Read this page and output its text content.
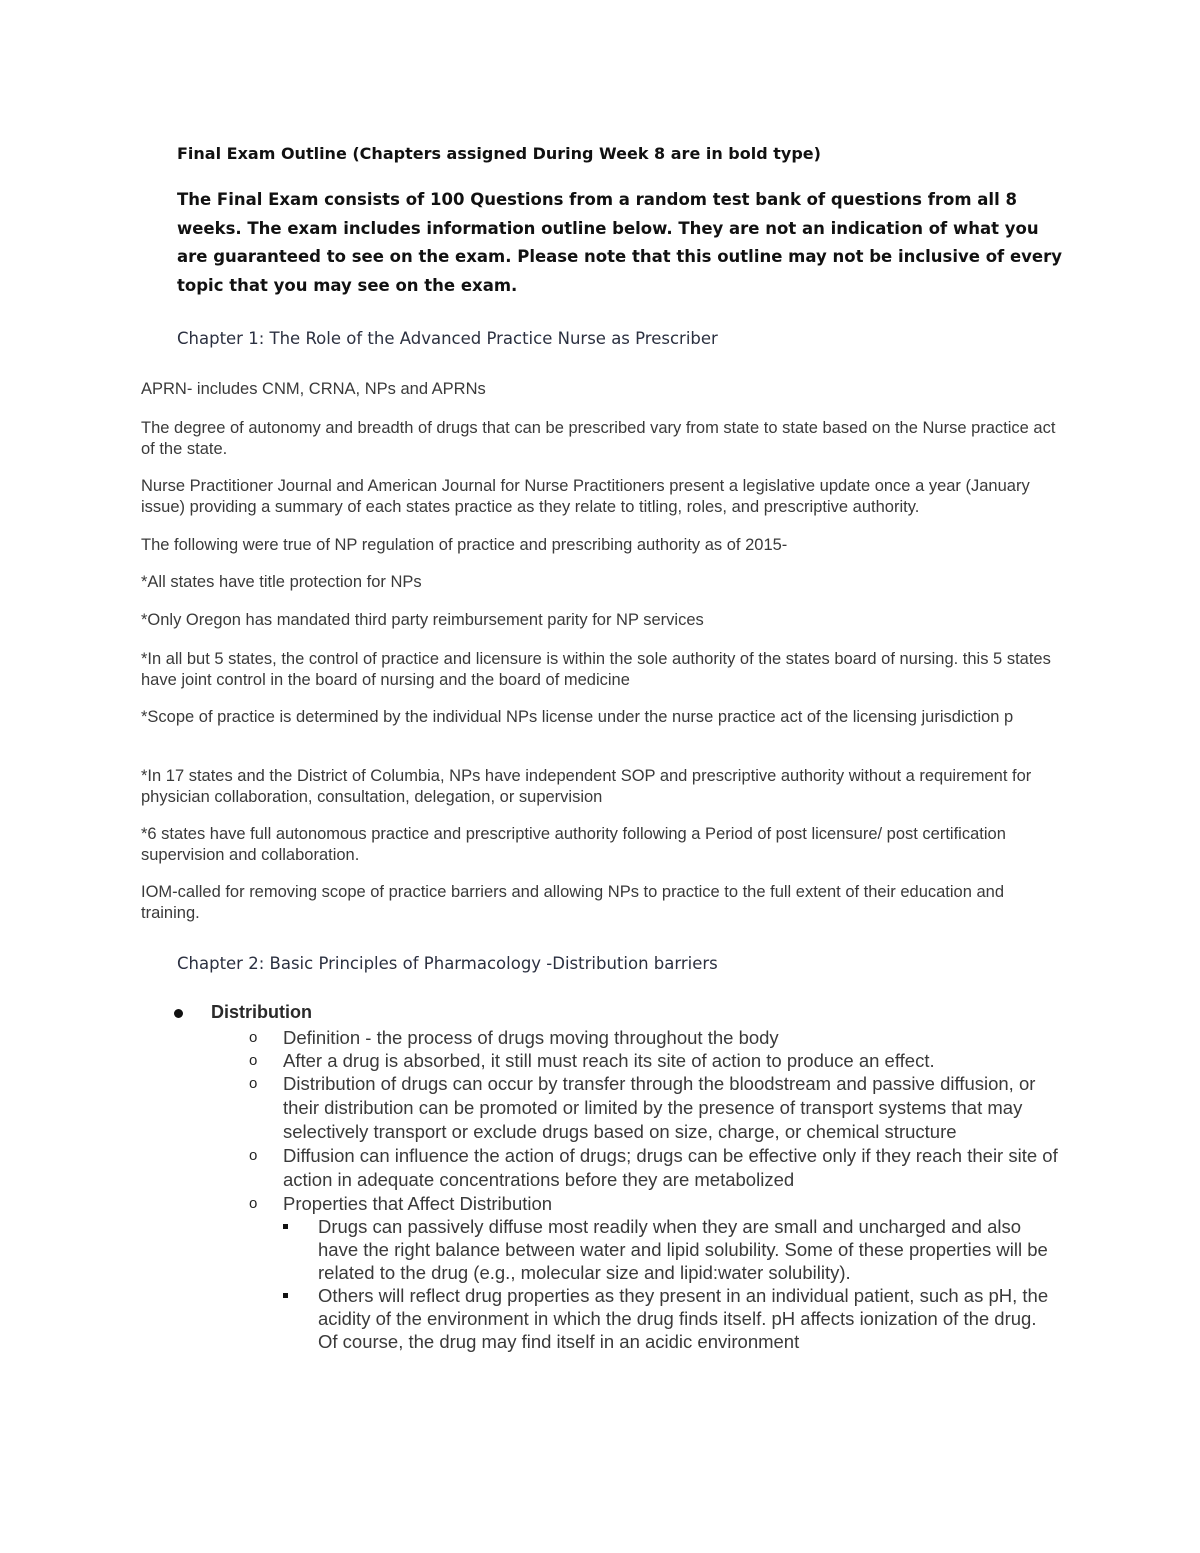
Final Exam Outline (Chapters assigned During Week 8 are in bold type)
The Final Exam consists of 100 Questions from a random test bank of questions from all 8 weeks. The exam includes information outline below. They are not an indication of what you are guaranteed to see on the exam. Please note that this outline may not be inclusive of every topic that you may see on the exam.
Chapter 1: The Role of the Advanced Practice Nurse as Prescriber
APRN- includes CNM, CRNA, NPs and APRNs
The degree of autonomy and breadth of drugs that can be prescribed vary from state to state based on the Nurse practice act of the state.
Nurse Practitioner Journal and American Journal for Nurse Practitioners present a legislative update once a year (January issue) providing a summary of each states practice as they relate to titling, roles, and prescriptive authority.
The following were true of NP regulation of practice and prescribing authority as of 2015-
*All states have title protection for NPs
*Only Oregon has mandated third party reimbursement parity for NP services
*In all but 5 states, the control of practice and licensure is within the sole authority of the states board of nursing. this 5 states have joint control in the board of nursing and the board of medicine
*Scope of practice is determined by the individual NPs license under the nurse practice act of the licensing jurisdiction p
*In 17 states and the District of Columbia, NPs have independent SOP and prescriptive authority without a requirement for physician collaboration, consultation, delegation, or supervision
*6 states have full autonomous practice and prescriptive authority following a Period of post licensure/ post certification supervision and collaboration.
IOM-called for removing scope of practice barriers and allowing NPs to practice to the full extent of their education and training.
Chapter 2: Basic Principles of Pharmacology -Distribution barriers
Distribution
o Definition - the process of drugs moving throughout the body
o After a drug is absorbed, it still must reach its site of action to produce an effect.
o Distribution of drugs can occur by transfer through the bloodstream and passive diffusion, or their distribution can be promoted or limited by the presence of transport systems that may selectively transport or exclude drugs based on size, charge, or chemical structure
o Diffusion can influence the action of drugs; drugs can be effective only if they reach their site of action in adequate concentrations before they are metabolized
o Properties that Affect Distribution
Drugs can passively diffuse most readily when they are small and uncharged and also have the right balance between water and lipid solubility. Some of these properties will be related to the drug (e.g., molecular size and lipid:water solubility).
Others will reflect drug properties as they present in an individual patient, such as pH, the acidity of the environment in which the drug finds itself. pH affects ionization of the drug. Of course, the drug may find itself in an acidic environment
